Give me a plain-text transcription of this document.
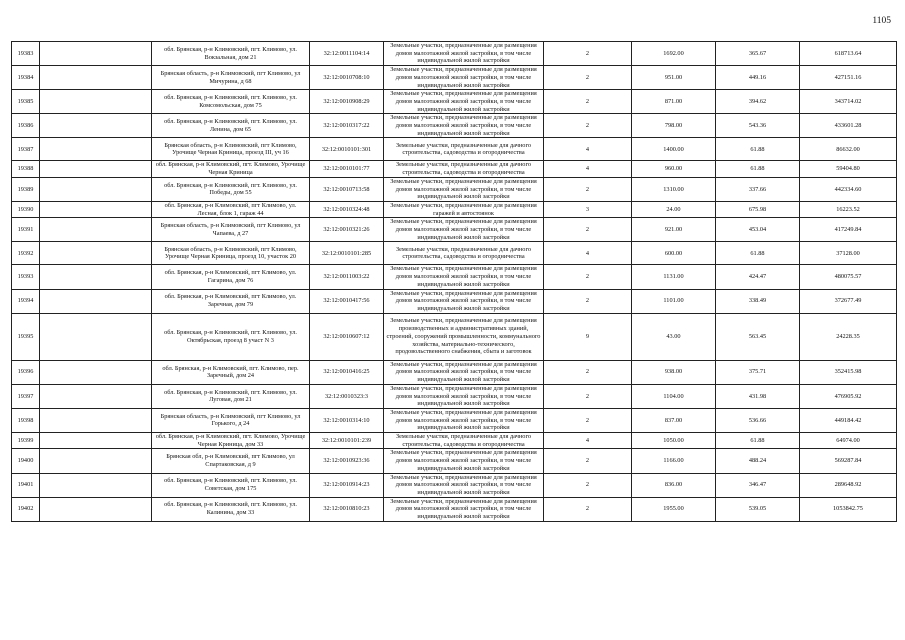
1105
19383		обл. Брянская, р-н Климовский, пгт. Климово, ул. Вокзальная, дом 21	32:12:0011104:14	Земельные участки, предназначенные для размещения домов малоэтажной жилой застройки, в том числе индивидуальной жилой застройки	2	1692.00	365.67	618713.64
19384		Брянская область, р-н Климовский, пгт Климово, ул Мичурина, д 68	32:12:0010708:10	Земельные участки, предназначенные для размещения домов малоэтажной жилой застройки, в том числе индивидуальной жилой застройки	2	951.00	449.16	427151.16
19385		обл. Брянская, р-н Климовский, пгт. Климово, ул. Комсомольская, дом 75	32:12:0010908:29	Земельные участки, предназначенные для размещения домов малоэтажной жилой застройки, в том числе индивидуальной жилой застройки	2	871.00	394.62	343714.02
19386		обл. Брянская, р-н Климовский, пгт. Климово, ул. Ленина, дом 65	32:12:0010317:22	Земельные участки, предназначенные для размещения домов малоэтажной жилой застройки, в том числе индивидуальной жилой застройки	2	798.00	543.36	433601.28
19387		Брянская область, р-н Климовский, пгт Климово, Урочище Черная Криница, проезд III, уч 16	32:12:0010101:301	Земельные участки, предназначенные для дачного строительства, садоводства и огородничества	4	1400.00	61.88	86632.00
19388		обл. Брянская, р-н Климовский, пгт. Климово, Урочище Черная Криница	32:12:0010101:77	Земельные участки, предназначенные для дачного строительства, садоводства и огородничества	4	960.00	61.88	59404.80
19389		обл. Брянская, р-н Климовский, пгт. Климово, ул. Победы, дом 55	32:12:0010713:58	Земельные участки, предназначенные для размещения домов малоэтажной жилой застройки, в том числе индивидуальной жилой застройки	2	1310.00	337.66	442334.60
19390		обл. Брянская, р-н Климовский, пгт Климово, ул. Лесная, блок 1, гараж 44	32:12:0010324:48	Земельные участки, предназначенные для размещения гаражей и автостоянок	3	24.00	675.98	16223.52
19391		Брянская область, р-н Климовский, пгт Климово, ул Чапаева, д 27	32:12:0010321:26	Земельные участки, предназначенные для размещения домов малоэтажной жилой застройки, в том числе индивидуальной жилой застройки	2	921.00	453.04	417249.84
19392		Брянская область, р-н Климовский, пгт Климово, Урочище Черная Криница, проезд 10, участок 20	32:12:0010101:285	Земельные участки, предназначенные для дачного строительства, садоводства и огородничества	4	600.00	61.88	37128.00
19393		обл. Брянская, р-н Климовский, пгт Климово, ул. Гагарина, дом 76	32:12:0011003:22	Земельные участки, предназначенные для размещения домов малоэтажной жилой застройки, в том числе индивидуальной жилой застройки	2	1131.00	424.47	480075.57
19394		обл. Брянская, р-н Климовский, пгт Климово, ул. Заречная, дом 79	32:12:0010417:56	Земельные участки, предназначенные для размещения домов малоэтажной жилой застройки, в том числе индивидуальной жилой застройки	2	1101.00	338.49	372677.49
19395		обл. Брянская, р-н Климовский, пгт. Климово, ул. Октябрьская, проезд 8 участ N 3	32:12:0010607:12	Земельные участки, предназначенные для размещения производственных и административных зданий, строений, сооружений промышленности, коммунального хозяйства, материально-технического, продовольственного снабжения, сбыта и заготовок	9	43.00	563.45	24228.35
19396		обл. Брянская, р-н Климовский, пгт. Климово, пер. Заречный, дом 24	32:12:0010416:25	Земельные участки, предназначенные для размещения домов малоэтажной жилой застройки, в том числе индивидуальной жилой застройки	2	938.00	375.71	352415.98
19397		обл. Брянская, р-н Климовский, пгт. Климово, ул. Луговая, дом 21	32:12:0010323:3	Земельные участки, предназначенные для размещения домов малоэтажной жилой застройки, в том числе индивидуальной жилой застройки	2	1104.00	431.98	476905.92
19398		Брянская область, р-н Климовский, пгт Климово, ул Горького, д 24	32:12:0010314:10	Земельные участки, предназначенные для размещения домов малоэтажной жилой застройки, в том числе индивидуальной жилой застройки	2	837.00	536.66	449184.42
19399		обл. Брянская, р-н Климовский, пгт. Климово, Урочище Черная Криница, дом 33	32:12:0010101:239	Земельные участки, предназначенные для дачного строительства, садоводства и огородничества	4	1050.00	61.88	64974.00
19400		Брянская обл, р-н Климовский, пгт Климово, ул Спартаковская, д 9	32:12:0010923:36	Земельные участки, предназначенные для размещения домов малоэтажной жилой застройки, в том числе индивидуальной жилой застройки	2	1166.00	488.24	569287.84
19401		обл. Брянская, р-н Климовский, пгт. Климово, ул. Советская, дом 175	32:12:0010914:23	Земельные участки, предназначенные для размещения домов малоэтажной жилой застройки, в том числе индивидуальной жилой застройки	2	836.00	346.47	289648.92
19402		обл. Брянская, р-н Климовский, пгт. Климово, ул. Калинина, дом 33	32:12:0010810:23	Земельные участки, предназначенные для размещения домов малоэтажной жилой застройки, в том числе индивидуальной жилой застройки	2	1955.00	539.05	1053842.75
